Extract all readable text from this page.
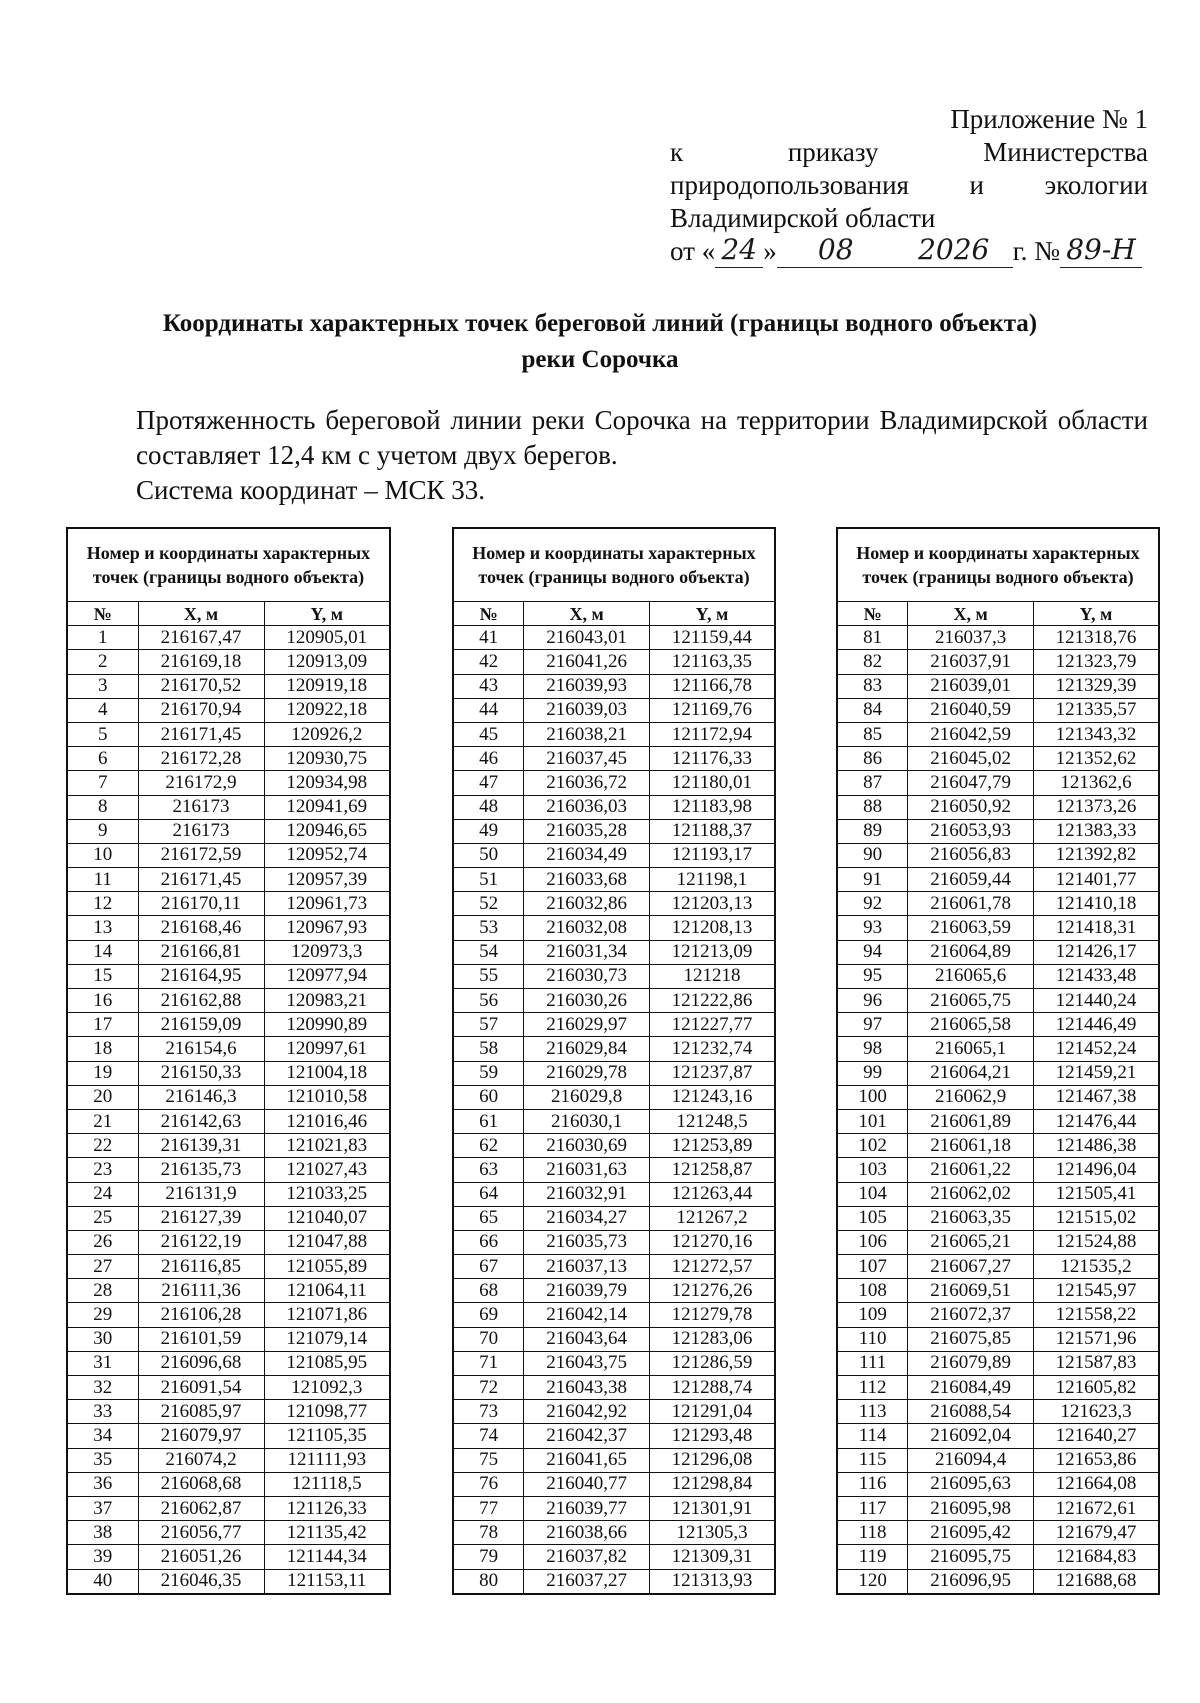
Приложение № 1
к	приказу	Министерства
природопользования и экологии
Владимирской области
от « 24 »	08	2026 г. № 89-Н
Координаты характерных точек береговой линий (границы водного объекта)
реки Сорочка
Протяженность береговой линии реки Сорочка на территории Владимирской области составляет 12,4 км с учетом двух берегов.
Система координат – МСК 33.
Номер и координаты характерных точек (границы водного объекта)		
№	X, м	Y, м
1	216167,47	120905,01
2	216169,18	120913,09
3	216170,52	120919,18
4	216170,94	120922,18
5	216171,45	120926,2
6	216172,28	120930,75
7	216172,9	120934,98
8	216173	120941,69
9	216173	120946,65
10	216172,59	120952,74
11	216171,45	120957,39
12	216170,11	120961,73
13	216168,46	120967,93
14	216166,81	120973,3
15	216164,95	120977,94
16	216162,88	120983,21
17	216159,09	120990,89
18	216154,6	120997,61
19	216150,33	121004,18
20	216146,3	121010,58
21	216142,63	121016,46
22	216139,31	121021,83
23	216135,73	121027,43
24	216131,9	121033,25
25	216127,39	121040,07
26	216122,19	121047,88
27	216116,85	121055,89
28	216111,36	121064,11
29	216106,28	121071,86
30	216101,59	121079,14
31	216096,68	121085,95
32	216091,54	121092,3
33	216085,97	121098,77
34	216079,97	121105,35
35	216074,2	121111,93
36	216068,68	121118,5
37	216062,87	121126,33
38	216056,77	121135,42
39	216051,26	121144,34
40	216046,35	121153,11
Номер и координаты характерных точек (границы водного объекта)		
№	X, м	Y, м
41	216043,01	121159,44
42	216041,26	121163,35
43	216039,93	121166,78
44	216039,03	121169,76
45	216038,21	121172,94
46	216037,45	121176,33
47	216036,72	121180,01
48	216036,03	121183,98
49	216035,28	121188,37
50	216034,49	121193,17
51	216033,68	121198,1
52	216032,86	121203,13
53	216032,08	121208,13
54	216031,34	121213,09
55	216030,73	121218
56	216030,26	121222,86
57	216029,97	121227,77
58	216029,84	121232,74
59	216029,78	121237,87
60	216029,8	121243,16
61	216030,1	121248,5
62	216030,69	121253,89
63	216031,63	121258,87
64	216032,91	121263,44
65	216034,27	121267,2
66	216035,73	121270,16
67	216037,13	121272,57
68	216039,79	121276,26
69	216042,14	121279,78
70	216043,64	121283,06
71	216043,75	121286,59
72	216043,38	121288,74
73	216042,92	121291,04
74	216042,37	121293,48
75	216041,65	121296,08
76	216040,77	121298,84
77	216039,77	121301,91
78	216038,66	121305,3
79	216037,82	121309,31
80	216037,27	121313,93
Номер и координаты характерных точек (границы водного объекта)		
№	X, м	Y, м
81	216037,3	121318,76
82	216037,91	121323,79
83	216039,01	121329,39
84	216040,59	121335,57
85	216042,59	121343,32
86	216045,02	121352,62
87	216047,79	121362,6
88	216050,92	121373,26
89	216053,93	121383,33
90	216056,83	121392,82
91	216059,44	121401,77
92	216061,78	121410,18
93	216063,59	121418,31
94	216064,89	121426,17
95	216065,6	121433,48
96	216065,75	121440,24
97	216065,58	121446,49
98	216065,1	121452,24
99	216064,21	121459,21
100	216062,9	121467,38
101	216061,89	121476,44
102	216061,18	121486,38
103	216061,22	121496,04
104	216062,02	121505,41
105	216063,35	121515,02
106	216065,21	121524,88
107	216067,27	121535,2
108	216069,51	121545,97
109	216072,37	121558,22
110	216075,85	121571,96
111	216079,89	121587,83
112	216084,49	121605,82
113	216088,54	121623,3
114	216092,04	121640,27
115	216094,4	121653,86
116	216095,63	121664,08
117	216095,98	121672,61
118	216095,42	121679,47
119	216095,75	121684,83
120	216096,95	121688,68
